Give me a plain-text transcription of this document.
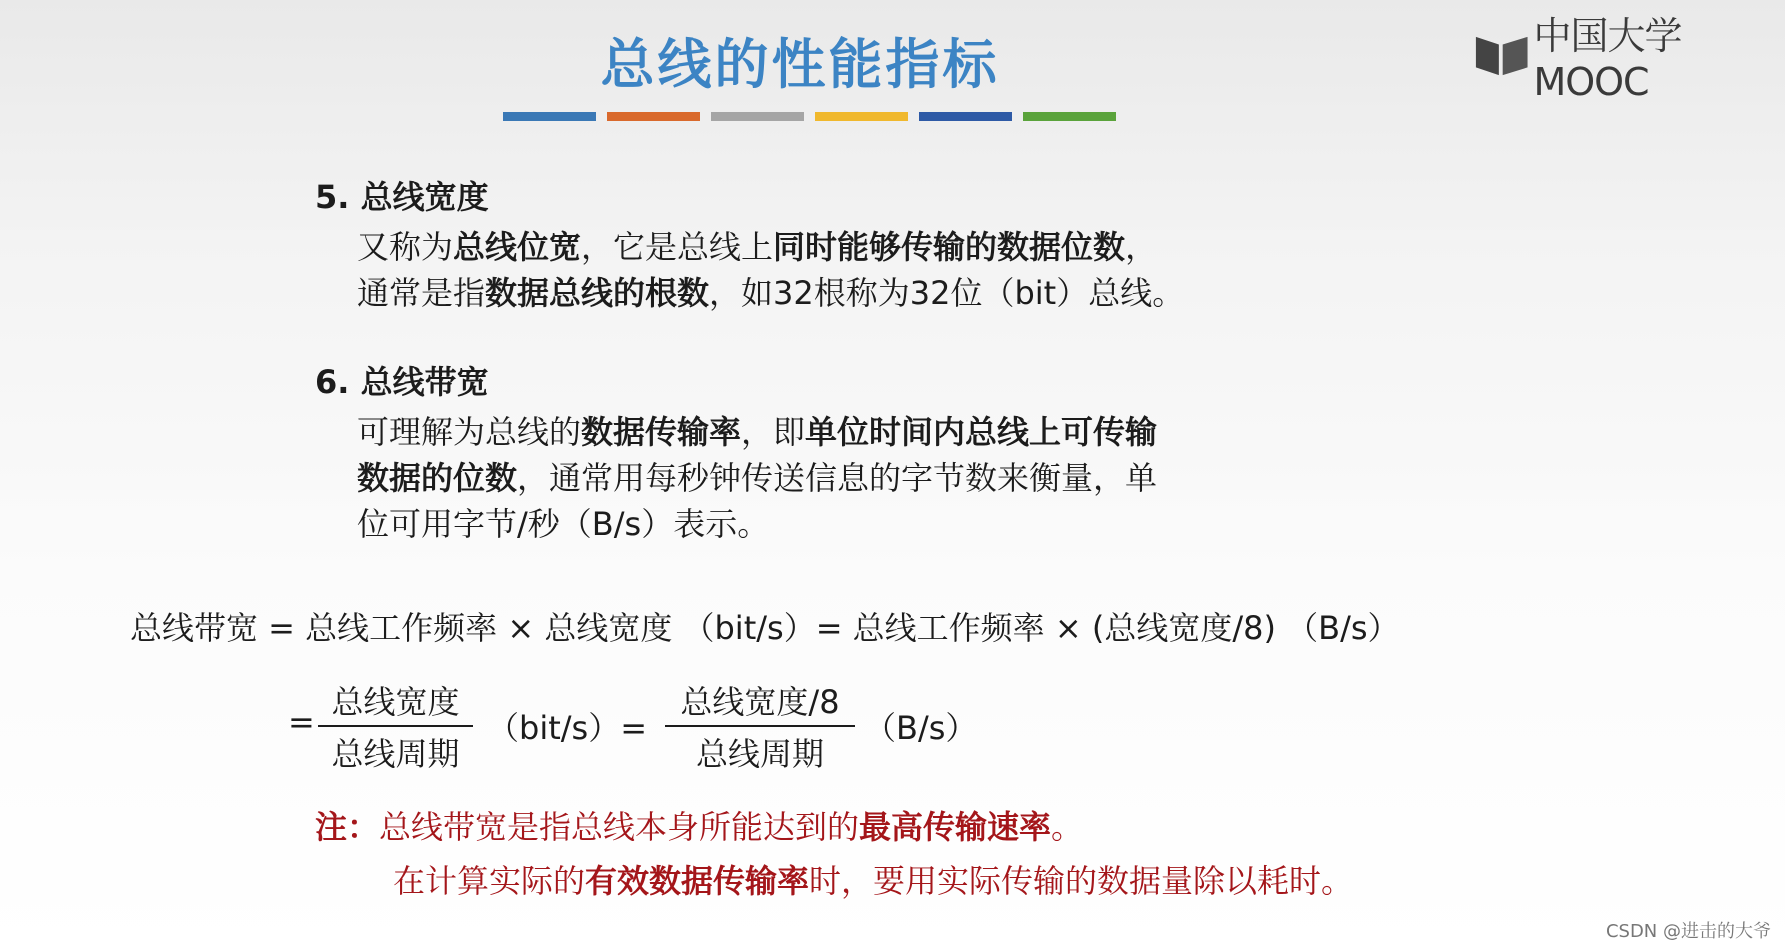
总线的性能指标	中国大学MOOC
5. 总线宽度
又称为总线位宽，它是总线上同时能够传输的数据位数，
通常是指数据总线的根数，如32根称为32位（bit）总线。
6. 总线带宽
可理解为总线的数据传输率，即单位时间内总线上可传输
数据的位数，通常用每秒钟传送信息的字节数来衡量，单
位可用字节/秒（B/s）表示。
总线带宽 = 总线工作频率 × 总线宽度 （bit/s）= 总线工作频率 × (总线宽度/8) （B/s）
=
总线宽度
总线周期
（bit/s）=
总线宽度/8
总线周期
（B/s）
注：总线带宽是指总线本身所能达到的最高传输速率。
在计算实际的有效数据传输率时，要用实际传输的数据量除以耗时。
CSDN @进击的大爷
